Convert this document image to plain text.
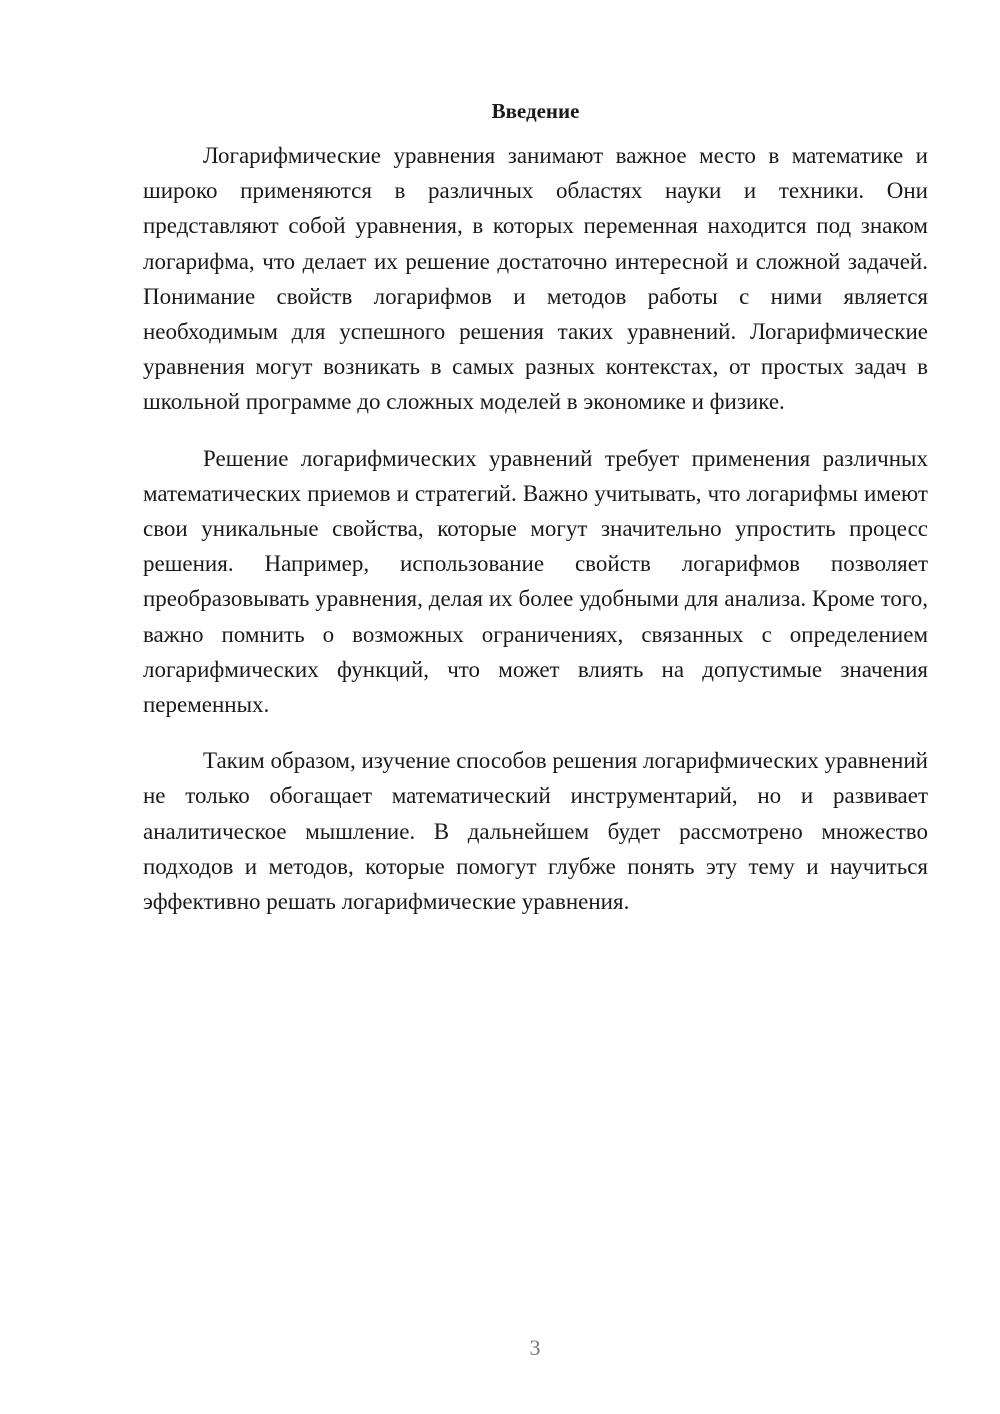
Введение

Логарифмические уравнения занимают важное место в математике и широко применяются в различных областях науки и техники. Они представляют собой уравнения, в которых переменная находится под знаком логарифма, что делает их решение достаточно интересной и сложной задачей. Понимание свойств логарифмов и методов работы с ними является необходимым для успешного решения таких уравнений. Логарифмические уравнения могут возникать в самых разных контекстах, от простых задач в школьной программе до сложных моделей в экономике и физике.

Решение логарифмических уравнений требует применения различных математических приемов и стратегий. Важно учитывать, что логарифмы имеют свои уникальные свойства, которые могут значительно упростить процесс решения. Например, использование свойств логарифмов позволяет преобразовывать уравнения, делая их более удобными для анализа. Кроме того, важно помнить о возможных ограничениях, связанных с определением логарифмических функций, что может влиять на допустимые значения переменных.

Таким образом, изучение способов решения логарифмических уравнений не только обогащает математический инструментарий, но и развивает аналитическое мышление. В дальнейшем будет рассмотрено множество подходов и методов, которые помогут глубже понять эту тему и научиться эффективно решать логарифмические уравнения.

3
